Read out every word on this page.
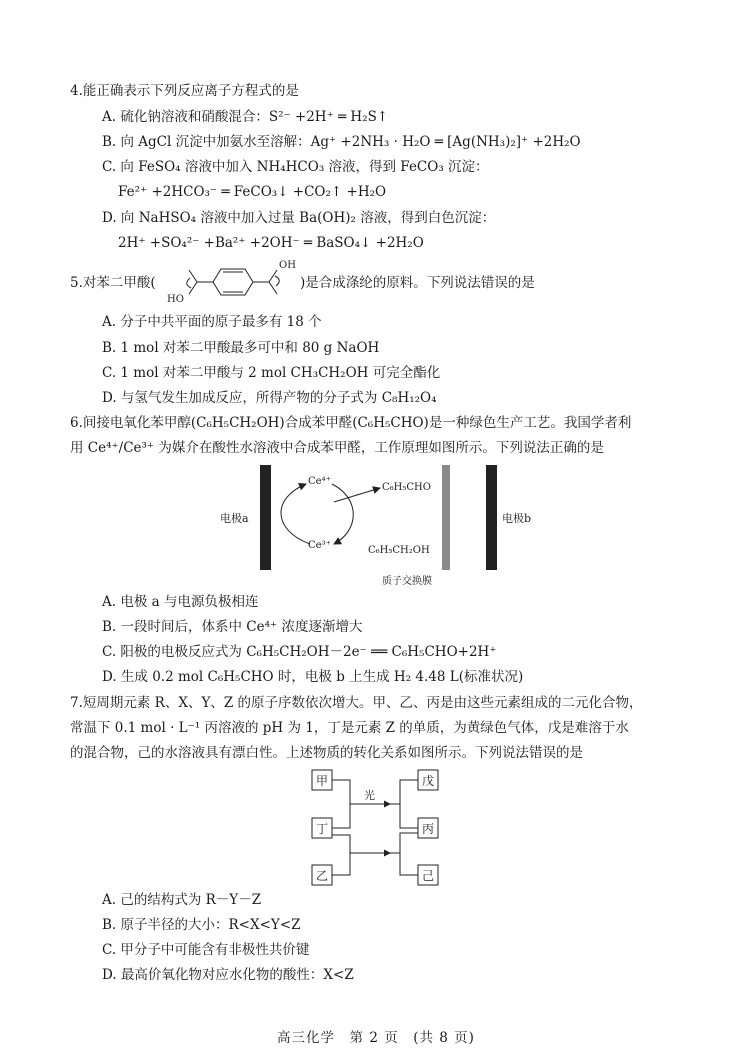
4.能正确表示下列反应离子方程式的是
A. 硫化钠溶液和硝酸混合：S²⁻ +2H⁺ ═ H₂S↑
B. 向 AgCl 沉淀中加氨水至溶解：Ag⁺ +2NH₃ · H₂O ═ [Ag(NH₃)₂]⁺ +2H₂O
C. 向 FeSO₄ 溶液中加入 NH₄HCO₃ 溶液，得到 FeCO₃ 沉淀：
Fe²⁺ +2HCO₃⁻ ═ FeCO₃↓ +CO₂↑ +H₂O
D. 向 NaHSO₄ 溶液中加入过量 Ba(OH)₂ 溶液，得到白色沉淀：
2H⁺ +SO₄²⁻ +Ba²⁺ +2OH⁻ ═ BaSO₄↓ +2H₂O
5.对苯二甲酸(
OH
HO
)是合成涤纶的原料。下列说法错误的是
A. 分子中共平面的原子最多有 18 个
B. 1 mol 对苯二甲酸最多可中和 80 g NaOH
C. 1 mol 对苯二甲酸与 2 mol CH₃CH₂OH 可完全酯化
D. 与氢气发生加成反应，所得产物的分子式为 C₈H₁₂O₄
6.间接电氧化苯甲醇(C₆H₅CH₂OH)合成苯甲醛(C₆H₅CHO)是一种绿色生产工艺。我国学者利
用 Ce⁴⁺/Ce³⁺ 为媒介在酸性水溶液中合成苯甲醛，工作原理如图所示。下列说法正确的是
电极a	电极b
Ce⁴⁺
Ce³⁺
C₆H₅CHO
C₆H₅CH₂OH
质子交换膜
A. 电极 a 与电源负极相连
B. 一段时间后，体系中 Ce⁴⁺ 浓度逐渐增大
C. 阳极的电极反应式为 C₆H₅CH₂OH－2e⁻ ══ C₆H₅CHO+2H⁺
D. 生成 0.2 mol C₆H₅CHO 时，电极 b 上生成 H₂ 4.48 L(标准状况)
7.短周期元素 R、X、Y、Z 的原子序数依次增大。甲、乙、丙是由这些元素组成的二元化合物，
常温下 0.1 mol · L⁻¹ 丙溶液的 pH 为 1，丁是元素 Z 的单质，为黄绿色气体，戊是难溶于水
的混合物，己的水溶液具有漂白性。上述物质的转化关系如图所示。下列说法错误的是
甲
丁
乙
戊
丙
己
光
A. 己的结构式为 R－Y－Z
B. 原子半径的大小：R<X<Y<Z
C. 甲分子中可能含有非极性共价键
D. 最高价氧化物对应水化物的酸性：X<Z
高三化学　第 2 页　(共 8 页)
